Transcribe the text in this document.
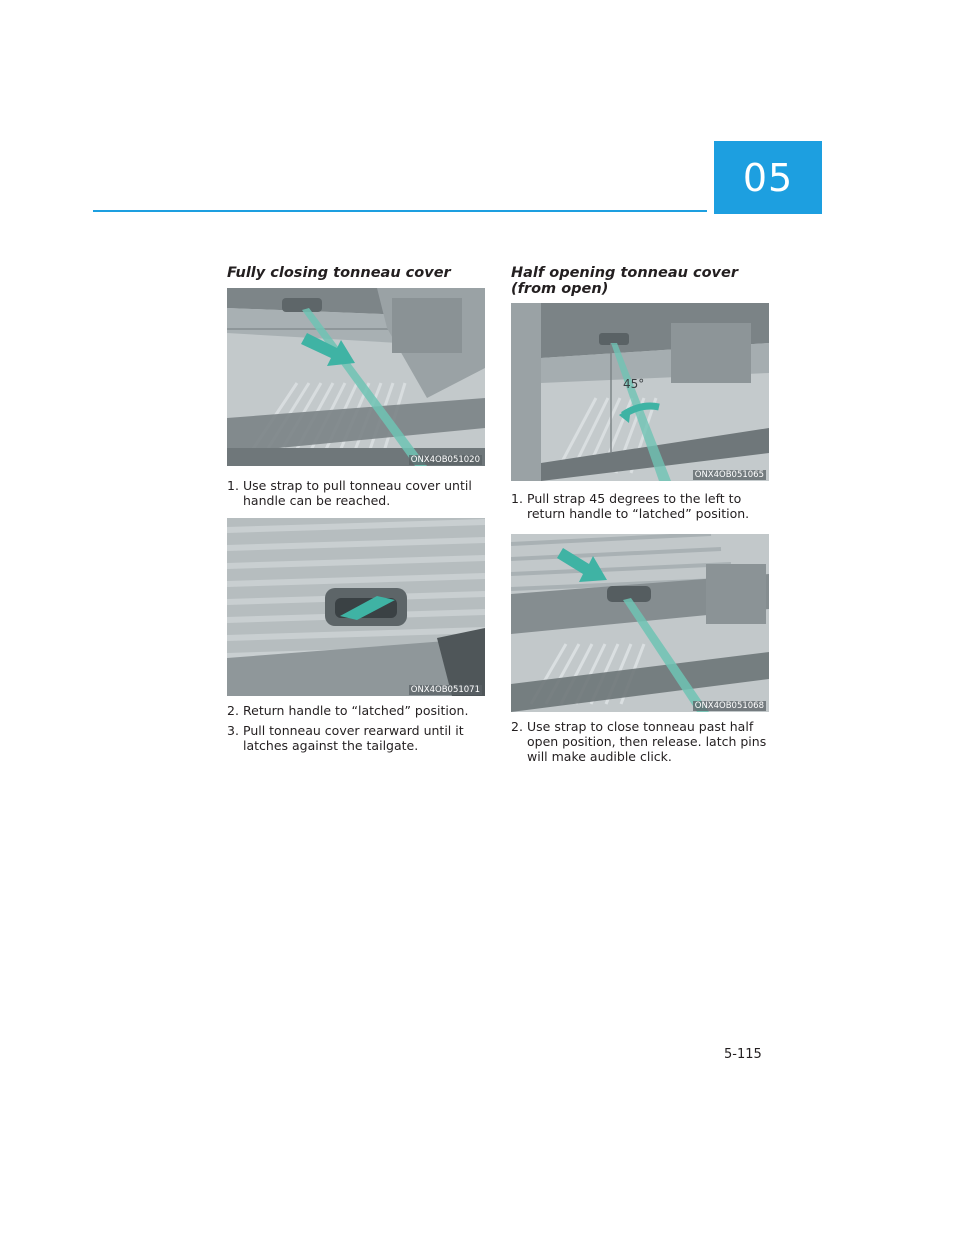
05
Fully closing tonneau cover
ONX4OB051020
1. Use strap to pull tonneau cover until handle can be reached.
ONX4OB051071
2. Return handle to “latched” position.
3. Pull tonneau cover rearward until it latches against the tailgate.
Half opening tonneau cover (from open)
45°
ONX4OB051065
1. Pull strap 45 degrees to the left to return handle to “latched” position.
ONX4OB051068
2. Use strap to close tonneau past half open position, then release. latch pins will make audible click.
5-115
